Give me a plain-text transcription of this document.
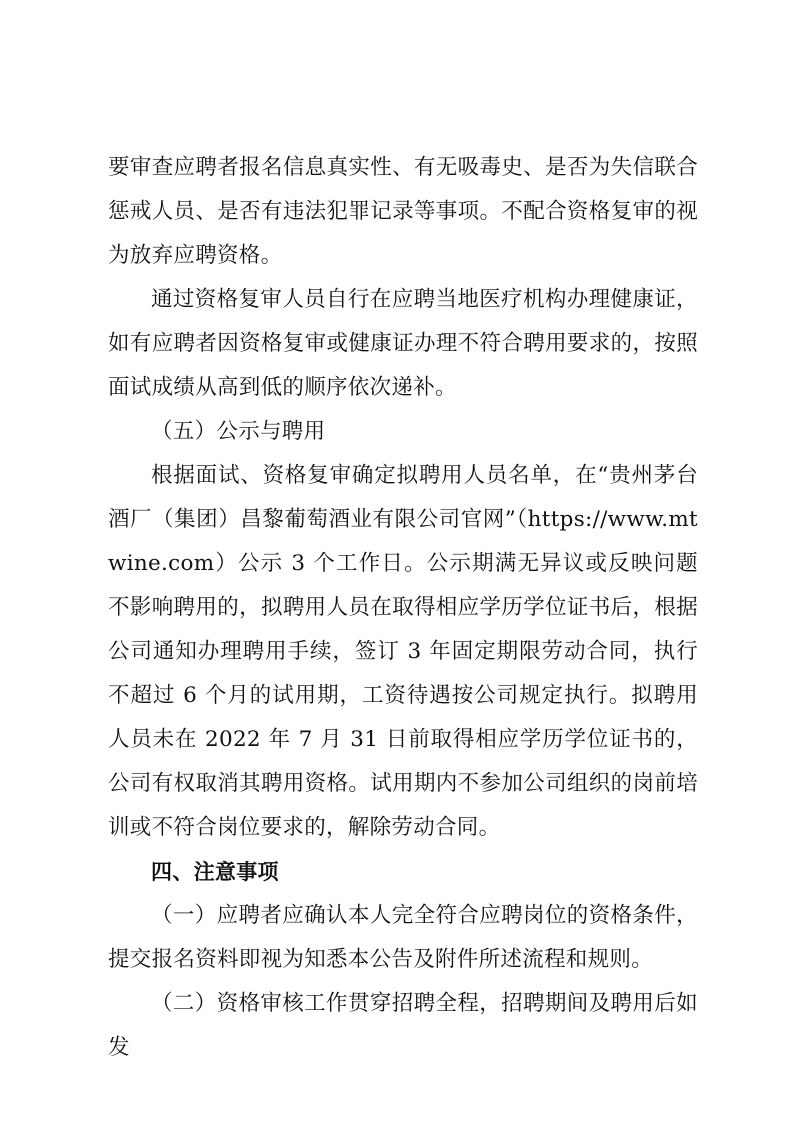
要审查应聘者报名信息真实性、有无吸毒史、是否为失信联合惩戒人员、是否有违法犯罪记录等事项。不配合资格复审的视为放弃应聘资格。

通过资格复审人员自行在应聘当地医疗机构办理健康证，如有应聘者因资格复审或健康证办理不符合聘用要求的，按照面试成绩从高到低的顺序依次递补。

（五）公示与聘用

根据面试、资格复审确定拟聘用人员名单，在“贵州茅台酒厂（集团）昌黎葡萄酒业有限公司官网”（https://www.mtwine.com）公示 3 个工作日。公示期满无异议或反映问题不影响聘用的，拟聘用人员在取得相应学历学位证书后，根据公司通知办理聘用手续，签订 3 年固定期限劳动合同，执行不超过 6 个月的试用期，工资待遇按公司规定执行。拟聘用人员未在 2022 年 7 月 31 日前取得相应学历学位证书的，公司有权取消其聘用资格。试用期内不参加公司组织的岗前培训或不符合岗位要求的，解除劳动合同。

四、注意事项

（一）应聘者应确认本人完全符合应聘岗位的资格条件，提交报名资料即视为知悉本公告及附件所述流程和规则。

（二）资格审核工作贯穿招聘全程，招聘期间及聘用后如发
